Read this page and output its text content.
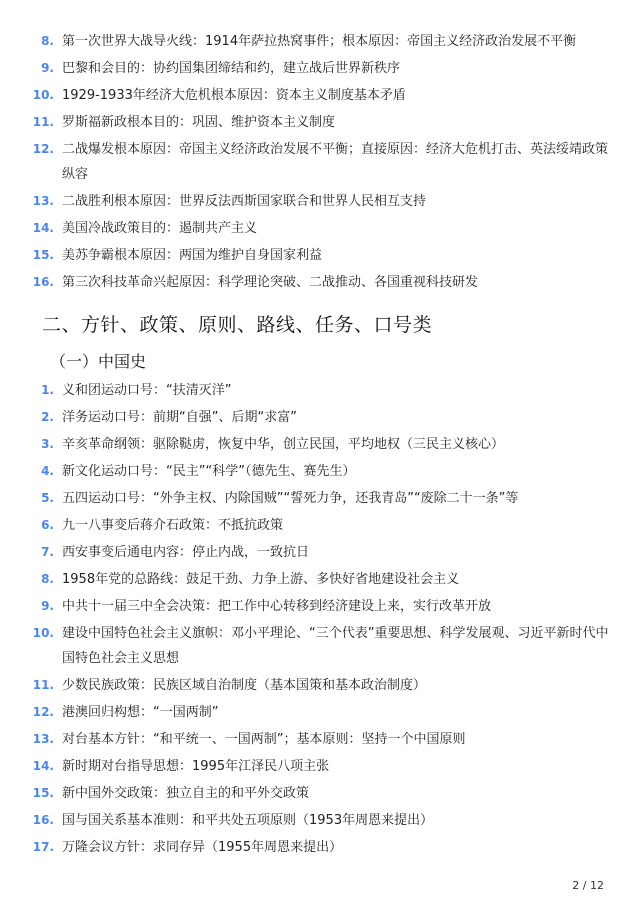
8. 第一次世界大战导火线：1914年萨拉热窝事件；根本原因：帝国主义经济政治发展不平衡
9. 巴黎和会目的：协约国集团缔结和约，建立战后世界新秩序
10. 1929-1933年经济大危机根本原因：资本主义制度基本矛盾
11. 罗斯福新政根本目的：巩固、维护资本主义制度
12. 二战爆发根本原因：帝国主义经济政治发展不平衡；直接原因：经济大危机打击、英法绥靖政策纵容
13. 二战胜利根本原因：世界反法西斯国家联合和世界人民相互支持
14. 美国冷战政策目的：遏制共产主义
15. 美苏争霸根本原因：两国为维护自身国家利益
16. 第三次科技革命兴起原因：科学理论突破、二战推动、各国重视科技研发
二、方针、政策、原则、路线、任务、口号类
（一）中国史
1. 义和团运动口号：“扶清灭洋”
2. 洋务运动口号：前期“自强”、后期“求富”
3. 辛亥革命纲领：驱除鞑虏，恢复中华，创立民国，平均地权（三民主义核心）
4. 新文化运动口号：“民主”“科学”（德先生、赛先生）
5. 五四运动口号：“外争主权、内除国贼”“誓死力争，还我青岛”“废除二十一条”等
6. 九一八事变后蒋介石政策：不抵抗政策
7. 西安事变后通电内容：停止内战，一致抗日
8. 1958年党的总路线：鼓足干劲、力争上游、多快好省地建设社会主义
9. 中共十一届三中全会决策：把工作中心转移到经济建设上来，实行改革开放
10. 建设中国特色社会主义旗帜：邓小平理论、“三个代表”重要思想、科学发展观、习近平新时代中国特色社会主义思想
11. 少数民族政策：民族区域自治制度（基本国策和基本政治制度）
12. 港澳回归构想：“一国两制”
13. 对台基本方针：“和平统一、一国两制”；基本原则：坚持一个中国原则
14. 新时期对台指导思想：1995年江泽民八项主张
15. 新中国外交政策：独立自主的和平外交政策
16. 国与国关系基本准则：和平共处五项原则（1953年周恩来提出）
17. 万隆会议方针：求同存异（1955年周恩来提出）
2 / 12
